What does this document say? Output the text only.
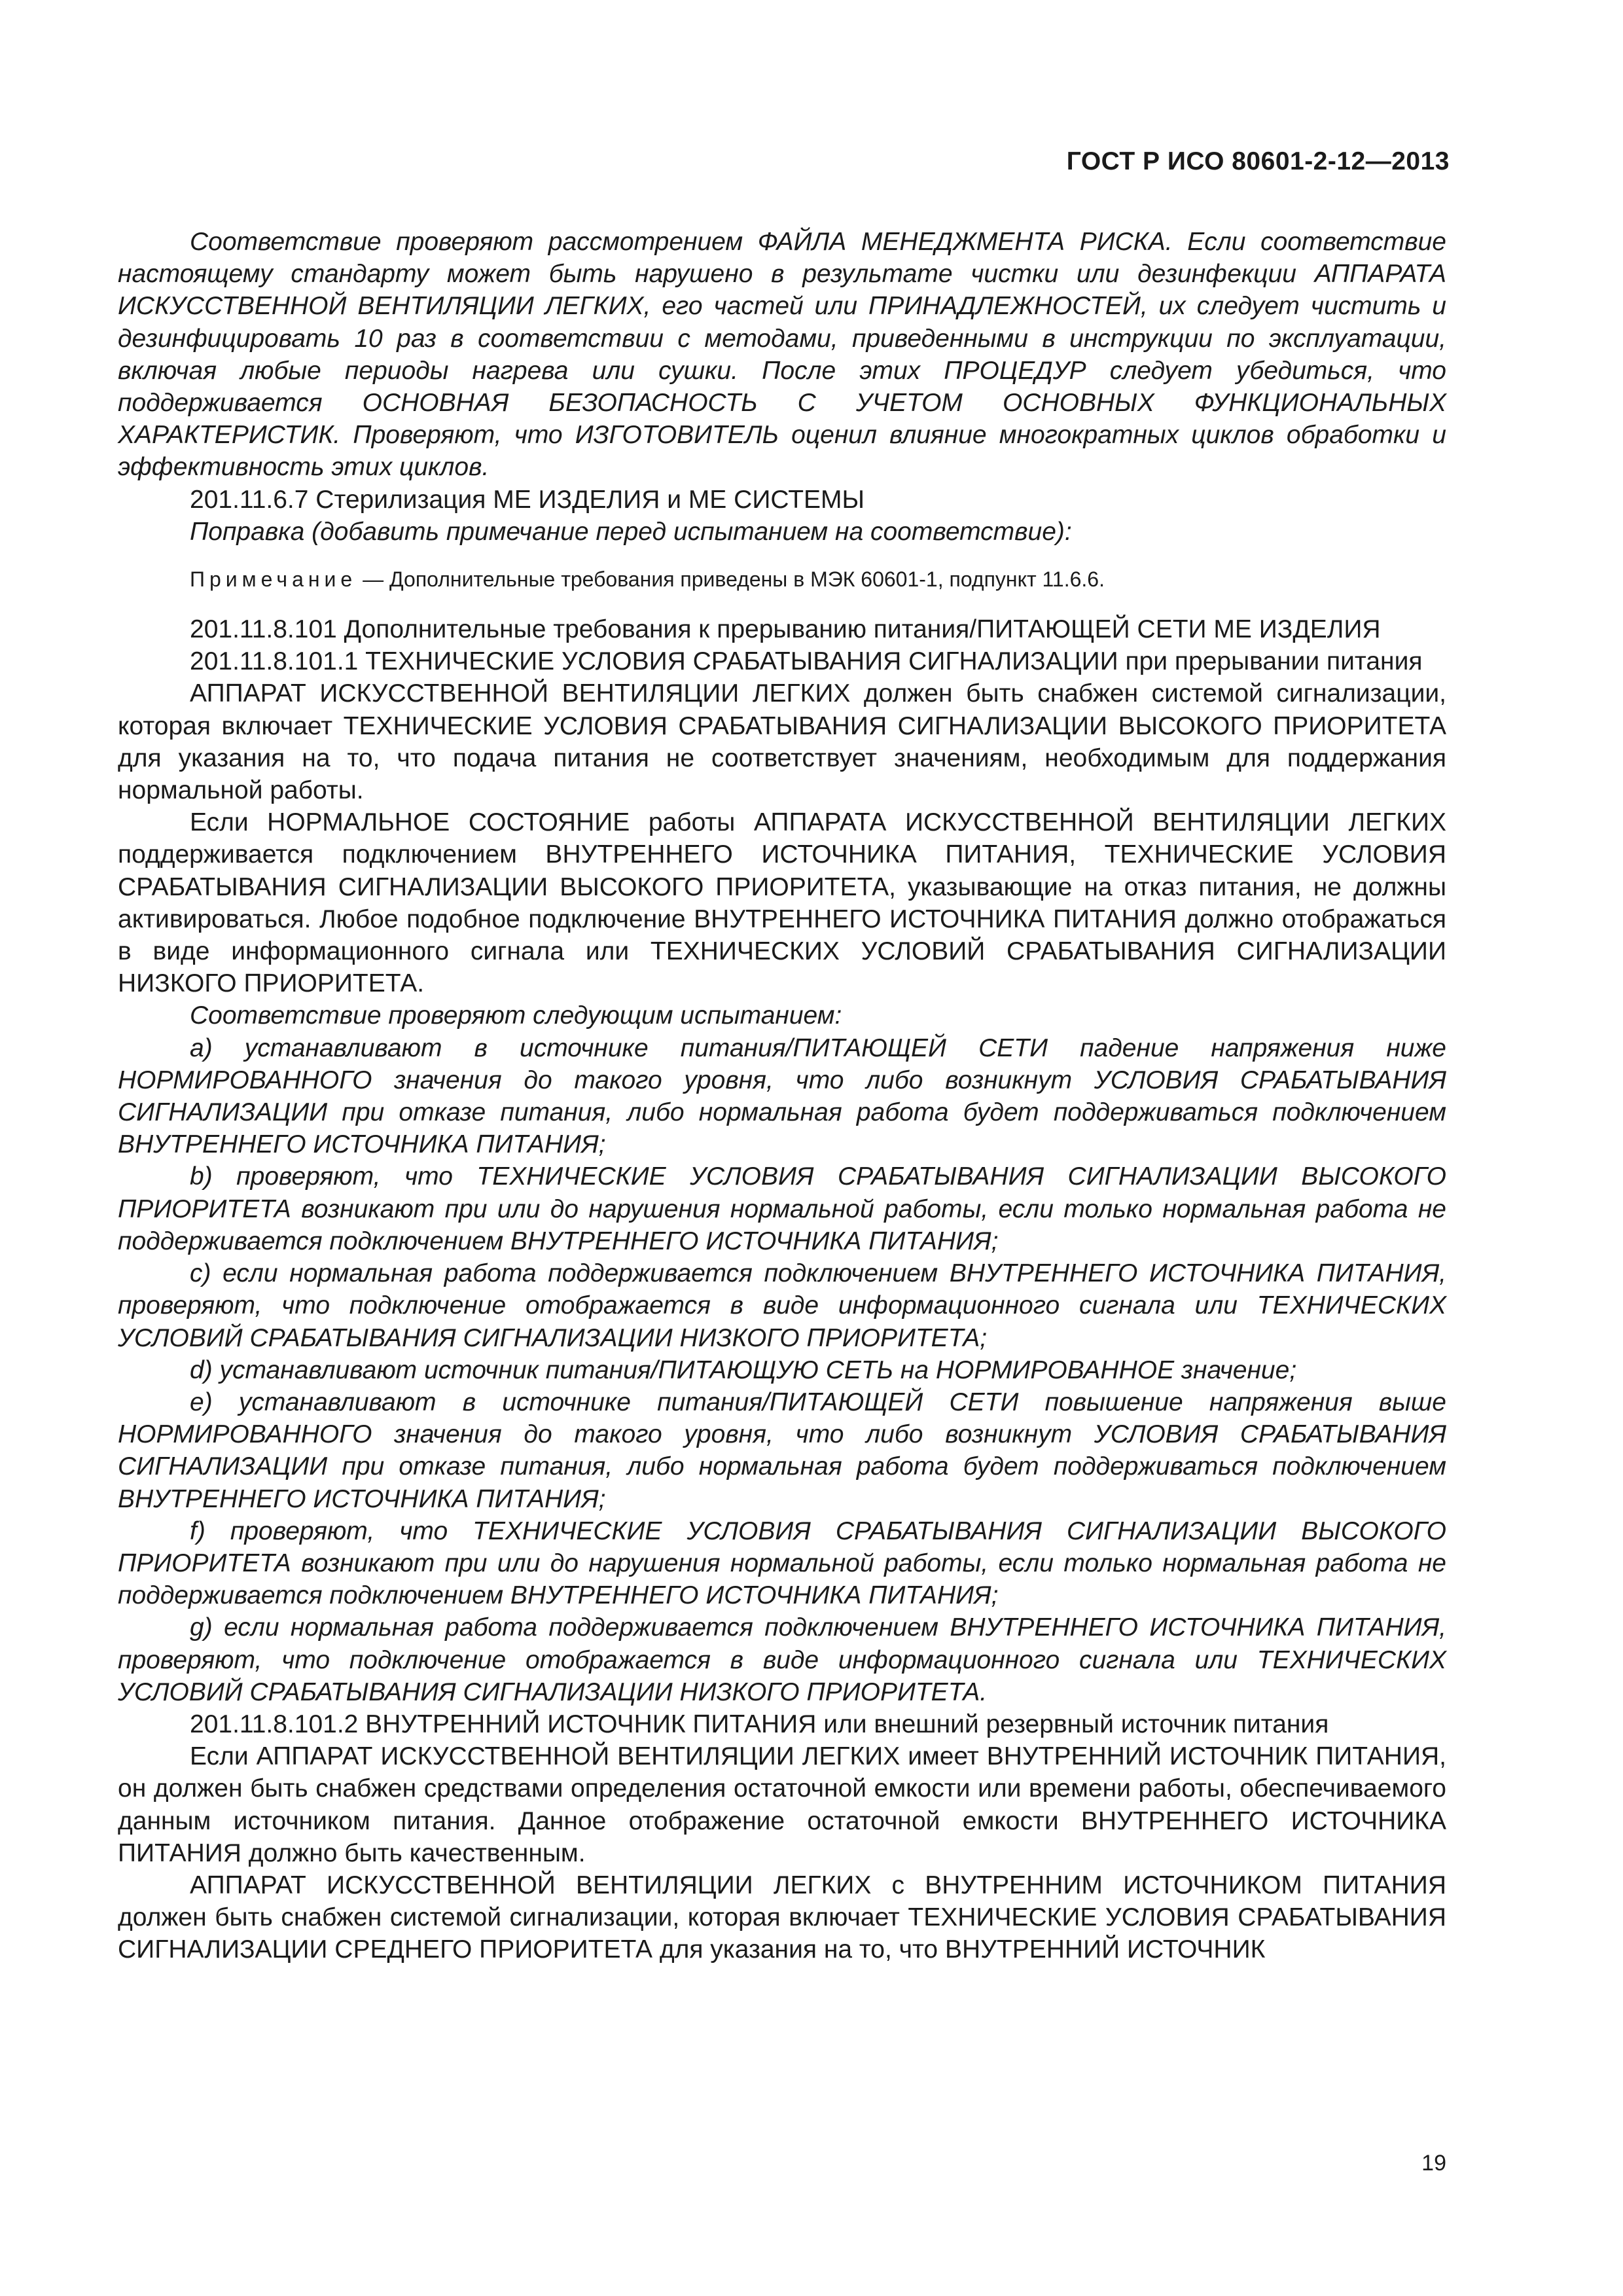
ГОСТ Р ИСО 80601-2-12—2013

Соответствие проверяют рассмотрением ФАЙЛА МЕНЕДЖМЕНТА РИСКА. Если соответствие настоящему стандарту может быть нарушено в результате чистки или дезинфекции АППАРАТА ИСКУССТВЕННОЙ ВЕНТИЛЯЦИИ ЛЕГКИХ, его частей или ПРИНАДЛЕЖНОСТЕЙ, их следует чистить и дезинфицировать 10 раз в соответствии с методами, приведенными в инструкции по эксплуатации, включая любые периоды нагрева или сушки. После этих ПРОЦЕДУР следует убедиться, что поддерживается ОСНОВНАЯ БЕЗОПАСНОСТЬ С УЧЕТОМ ОСНОВНЫХ ФУНКЦИОНАЛЬНЫХ ХАРАКТЕРИСТИК. Проверяют, что ИЗГОТОВИТЕЛЬ оценил влияние многократных циклов обработки и эффективность этих циклов.

201.11.6.7 Стерилизация МЕ ИЗДЕЛИЯ и МЕ СИСТЕМЫ

Поправка (добавить примечание перед испытанием на соответствие):

Примечание — Дополнительные требования приведены в МЭК 60601-1, подпункт 11.6.6.

201.11.8.101 Дополнительные требования к прерыванию питания/ПИТАЮЩЕЙ СЕТИ МЕ ИЗДЕЛИЯ

201.11.8.101.1 ТЕХНИЧЕСКИЕ УСЛОВИЯ СРАБАТЫВАНИЯ СИГНАЛИЗАЦИИ при прерывании питания

АППАРАТ ИСКУССТВЕННОЙ ВЕНТИЛЯЦИИ ЛЕГКИХ должен быть снабжен системой сигнализации, которая включает ТЕХНИЧЕСКИЕ УСЛОВИЯ СРАБАТЫВАНИЯ СИГНАЛИЗАЦИИ ВЫСОКОГО ПРИОРИТЕТА для указания на то, что подача питания не соответствует значениям, необходимым для поддержания нормальной работы.

Если НОРМАЛЬНОЕ СОСТОЯНИЕ работы АППАРАТА ИСКУССТВЕННОЙ ВЕНТИЛЯЦИИ ЛЕГКИХ поддерживается подключением ВНУТРЕННЕГО ИСТОЧНИКА ПИТАНИЯ, ТЕХНИЧЕСКИЕ УСЛОВИЯ СРАБАТЫВАНИЯ СИГНАЛИЗАЦИИ ВЫСОКОГО ПРИОРИТЕТА, указывающие на отказ питания, не должны активироваться. Любое подобное подключение ВНУТРЕННЕГО ИСТОЧНИКА ПИТАНИЯ должно отображаться в виде информационного сигнала или ТЕХНИЧЕСКИХ УСЛОВИЙ СРАБАТЫВАНИЯ СИГНАЛИЗАЦИИ НИЗКОГО ПРИОРИТЕТА.

Соответствие проверяют следующим испытанием:

а) устанавливают в источнике питания/ПИТАЮЩЕЙ СЕТИ падение напряжения ниже НОРМИРОВАННОГО значения до такого уровня, что либо возникнут УСЛОВИЯ СРАБАТЫВАНИЯ СИГНАЛИЗАЦИИ при отказе питания, либо нормальная работа будет поддерживаться подключением ВНУТРЕННЕГО ИСТОЧНИКА ПИТАНИЯ;

b) проверяют, что ТЕХНИЧЕСКИЕ УСЛОВИЯ СРАБАТЫВАНИЯ СИГНАЛИЗАЦИИ ВЫСОКОГО ПРИОРИТЕТА возникают при или до нарушения нормальной работы, если только нормальная работа не поддерживается подключением ВНУТРЕННЕГО ИСТОЧНИКА ПИТАНИЯ;

с) если нормальная работа поддерживается подключением ВНУТРЕННЕГО ИСТОЧНИКА ПИТАНИЯ, проверяют, что подключение отображается в виде информационного сигнала или ТЕХНИЧЕСКИХ УСЛОВИЙ СРАБАТЫВАНИЯ СИГНАЛИЗАЦИИ НИЗКОГО ПРИОРИТЕТА;

d) устанавливают источник питания/ПИТАЮЩУЮ СЕТЬ на НОРМИРОВАННОЕ значение;

е) устанавливают в источнике питания/ПИТАЮЩЕЙ СЕТИ повышение напряжения выше НОРМИРОВАННОГО значения до такого уровня, что либо возникнут УСЛОВИЯ СРАБАТЫВАНИЯ СИГНАЛИЗАЦИИ при отказе питания, либо нормальная работа будет поддерживаться подключением ВНУТРЕННЕГО ИСТОЧНИКА ПИТАНИЯ;

f) проверяют, что ТЕХНИЧЕСКИЕ УСЛОВИЯ СРАБАТЫВАНИЯ СИГНАЛИЗАЦИИ ВЫСОКОГО ПРИОРИТЕТА возникают при или до нарушения нормальной работы, если только нормальная работа не поддерживается подключением ВНУТРЕННЕГО ИСТОЧНИКА ПИТАНИЯ;

g) если нормальная работа поддерживается подключением ВНУТРЕННЕГО ИСТОЧНИКА ПИТАНИЯ, проверяют, что подключение отображается в виде информационного сигнала или ТЕХНИЧЕСКИХ УСЛОВИЙ СРАБАТЫВАНИЯ СИГНАЛИЗАЦИИ НИЗКОГО ПРИОРИТЕТА.

201.11.8.101.2 ВНУТРЕННИЙ ИСТОЧНИК ПИТАНИЯ или внешний резервный источник питания

Если АППАРАТ ИСКУССТВЕННОЙ ВЕНТИЛЯЦИИ ЛЕГКИХ имеет ВНУТРЕННИЙ ИСТОЧНИК ПИТАНИЯ, он должен быть снабжен средствами определения остаточной емкости или времени работы, обеспечиваемого данным источником питания. Данное отображение остаточной емкости ВНУТРЕННЕГО ИСТОЧНИКА ПИТАНИЯ должно быть качественным.

АППАРАТ ИСКУССТВЕННОЙ ВЕНТИЛЯЦИИ ЛЕГКИХ с ВНУТРЕННИМ ИСТОЧНИКОМ ПИТАНИЯ должен быть снабжен системой сигнализации, которая включает ТЕХНИЧЕСКИЕ УСЛОВИЯ СРАБАТЫВАНИЯ СИГНАЛИЗАЦИИ СРЕДНЕГО ПРИОРИТЕТА для указания на то, что ВНУТРЕННИЙ ИСТОЧНИК

19
